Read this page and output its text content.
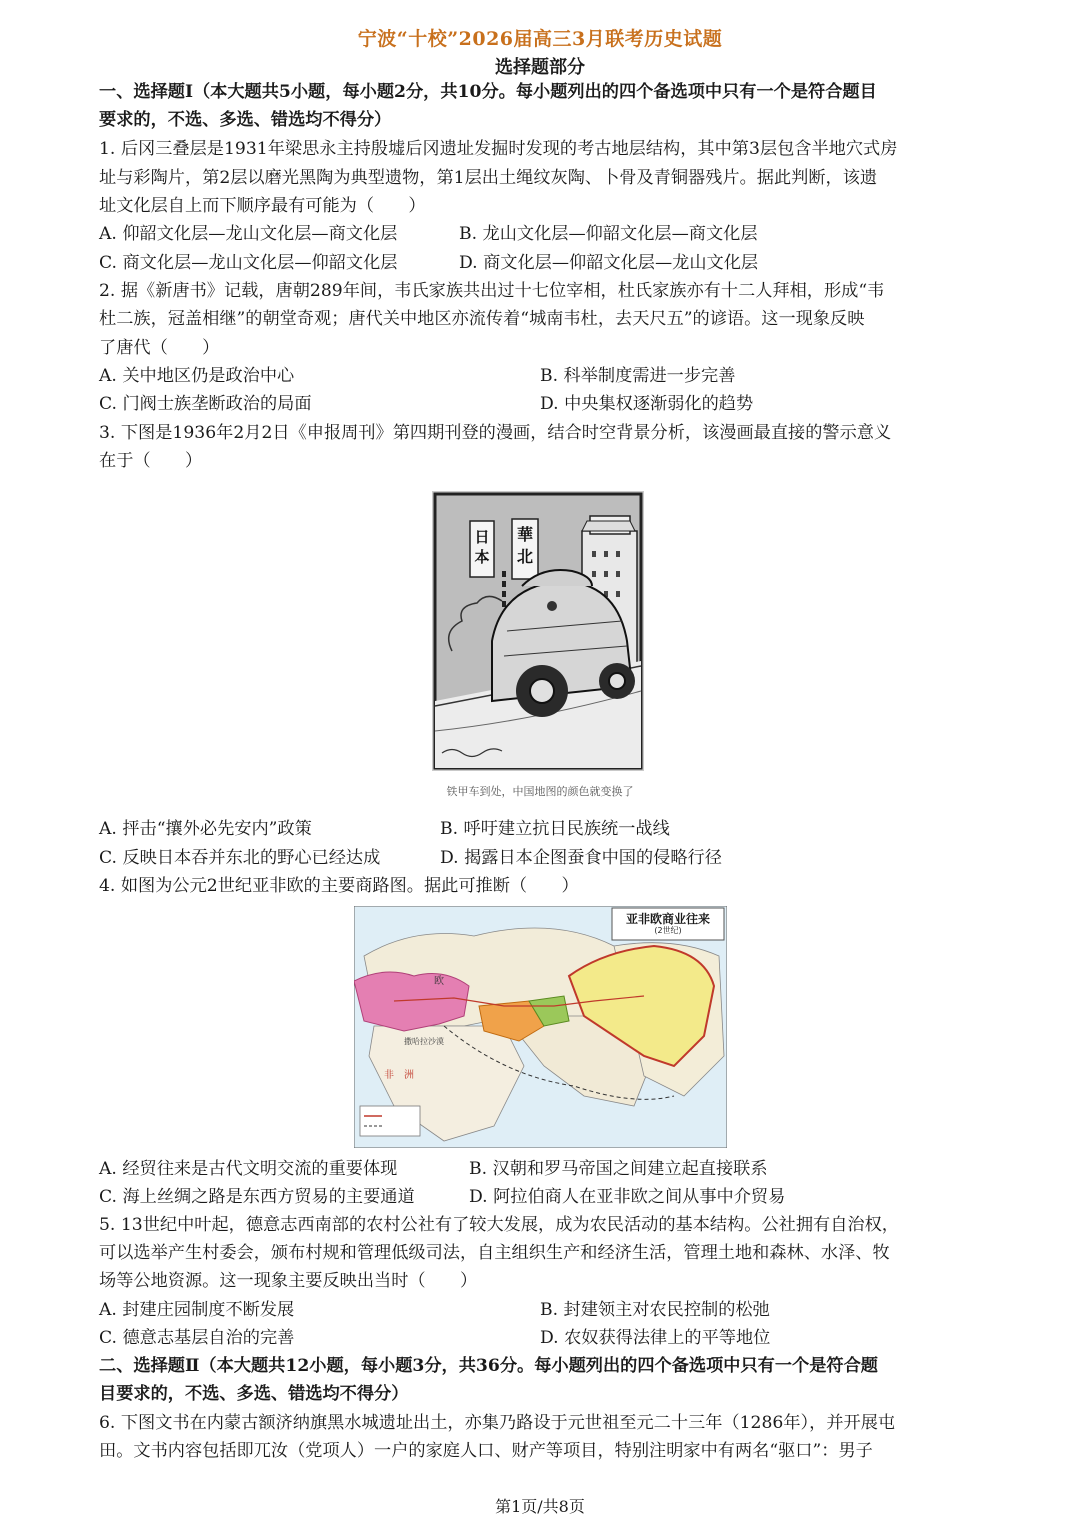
宁波“十校”2026届高三3月联考历史试题
选择题部分
一、选择题Ⅰ（本大题共5小题，每小题2分，共10分。每小题列出的四个备选项中只有一个是符合题目
要求的，不选、多选、错选均不得分）
1. 后冈三叠层是1931年梁思永主持殷墟后冈遗址发掘时发现的考古地层结构，其中第3层包含半地穴式房
址与彩陶片，第2层以磨光黑陶为典型遗物，第1层出土绳纹灰陶、卜骨及青铜器残片。据此判断，该遗
址文化层自上而下顺序最有可能为（　　）
A. 仰韶文化层—龙山文化层—商文化层	B. 龙山文化层—仰韶文化层—商文化层
C. 商文化层—龙山文化层—仰韶文化层	D. 商文化层—仰韶文化层—龙山文化层
2. 据《新唐书》记载，唐朝289年间，韦氏家族共出过十七位宰相，杜氏家族亦有十二人拜相，形成“韦
杜二族，冠盖相继”的朝堂奇观；唐代关中地区亦流传着“城南韦杜，去天尺五”的谚语。这一现象反映
了唐代（　　）
A. 关中地区仍是政治中心	B. 科举制度需进一步完善
C. 门阀士族垄断政治的局面	D. 中央集权逐渐弱化的趋势
3. 下图是1936年2月2日《申报周刊》第四期刊登的漫画，结合时空背景分析，该漫画最直接的警示意义
在于（　　）
日本
華北
铁甲车到处，中国地图的颜色就变换了
A. 抨击“攘外必先安内”政策	B. 呼吁建立抗日民族统一战线
C. 反映日本吞并东北的野心已经达成	D. 揭露日本企图蚕食中国的侵略行径
4. 如图为公元2世纪亚非欧的主要商路图。据此可推断（　　）
亚非欧商业往来
(2世纪)
非　洲
欧
撒哈拉沙漠
A. 经贸往来是古代文明交流的重要体现	B. 汉朝和罗马帝国之间建立起直接联系
C. 海上丝绸之路是东西方贸易的主要通道	D. 阿拉伯商人在亚非欧之间从事中介贸易
5. 13世纪中叶起，德意志西南部的农村公社有了较大发展，成为农民活动的基本结构。公社拥有自治权，
可以选举产生村委会，颁布村规和管理低级司法，自主组织生产和经济生活，管理土地和森林、水泽、牧
场等公地资源。这一现象主要反映出当时（　　）
A. 封建庄园制度不断发展	B. 封建领主对农民控制的松弛
C. 德意志基层自治的完善	D. 农奴获得法律上的平等地位
二、选择题Ⅱ（本大题共12小题，每小题3分，共36分。每小题列出的四个备选项中只有一个是符合题
目要求的，不选、多选、错选均不得分）
6. 下图文书在内蒙古额济纳旗黑水城遗址出土，亦集乃路设于元世祖至元二十三年（1286年），并开展屯
田。文书内容包括即兀汝（党项人）一户的家庭人口、财产等项目，特别注明家中有两名“驱口”：男子
第1页/共8页
